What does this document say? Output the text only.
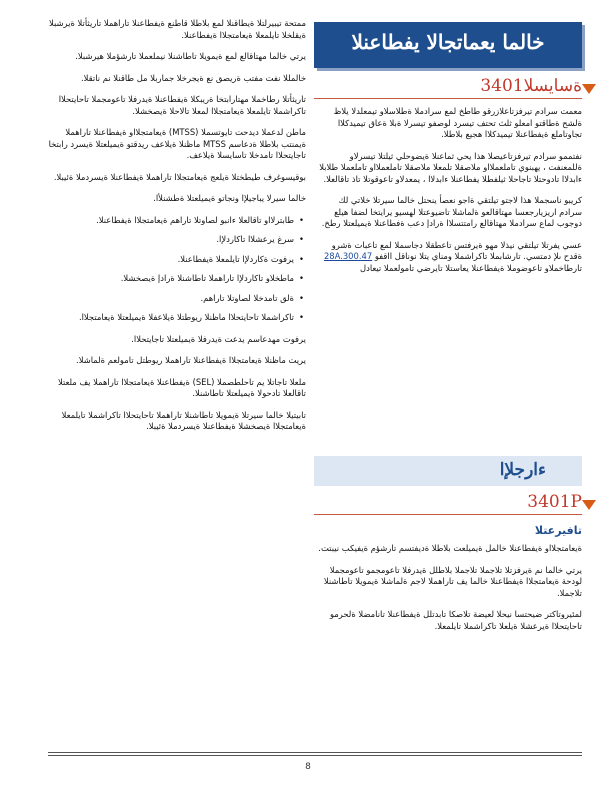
ممتحة تيبيرلتلا ةيطاقنلا لمع بلاطلا قاطنع ةيفطاعنلا تاراهملا تاريثأتلا ةيرشبلا ةيقلخلا تايلمعلا ةيعامتجلاا ةيفطاعنلا.

يرتي خالما مهتاقالع لمع ةيمويلا تاطاشنلا نيملعملا تارشؤملا هيرشبلا.

خالمللا نفت مفتب ةريصق نع ةيجرخلا جماربلا مل طاقنلا نم ناتقلا.

تاريثأتلا رطاخملا مهتارابتخا ةريبكلا ةيفطاعنلا ةيدرفلا تاعومجملا تاحايتحلاا تاكراشملا تايلمعلا ةيعامتجلاا لمعلا تالاحلا ةيصخشلا.

ماطن لدعملا ديدحت تايوتسملا (MTSS) ةيعامتجلااو ةيفطاعنلا تاراهملا ةيمنتب بلاطلا ةدعاسم MTSS ماظنلا ةيلاعف ريدقتو ةيميلعتلا ةيسرد رابتخا تاجايتحلاا تامدخلا تاسايسلا ةيلاعف.

بوقيسوغرف طيطختلا ةيلعج ةيعامتجلاا تاراهملا ةيفطاعنلا ةيسردملا ةئيبلا.

خالما سيرلا يباجيلإا ونجاتو ةيميلعتلا ةطشنلأا.

• طابترلااو تاقالعلا ءانبو لصاوتلا تاراهم ةيعامتجلاا ةيفطاعنلا.
• سرغ يرعشلاا تاكاردلإا.
• يرفوت ةكاردلإا تايلمعلا ةيفطاعنلا.
• ماطخلاو تاكاردلإا تاراهملا تاطاشنلا ةرادإ ةيصخشلا.
• ةلق تامدخلا لصاوتلا تاراهم.
• تاكراشملا تاحايتحلاا ماظنلا ريوطتلا ةيلاعفلا ةيميلعتلا ةيعامتجلاا.

يرفوت مهدعاسم يدعت ةيدرفلا ةيميلعتلا تاجايتحلاا.

يريت ماظنلا ةيعامتجلاا ةيفطاعنلا تاراهملا ريوطتل تامولعم ةلماشلا.

ملعلا تاجاتلا يم تاحلطصملا (SEL) ةيفطاعنلا ةيعامتجلاا تاراهملا يف ملعتلا تاقالعلا تادحولا ةيميلعتلا تاطاشنلا.

تابيتيلا خالما سيرتلا ةيمويلا تاطاشنلا تاراهملا تاحايتحلاا تاكراشملا تايلمعلا ةيعامتجلاا ةيصخشلا ةيفطاعنلا ةيسردملا ةئيبلا.

خالما يعماتجالا يفطاعنلا
ةسايسلا3401

معمت سرادم تيرفزتاعلازرقو طاطخ لمع سرادملا ةطلاسلاو تيمعلدلا يلاظ ةلشح ةطاقتو امعلو ثلث تحتف تيسرد لوصفو تيسرلا ةبلا ةعاق تيميدكلاا تجاوتاملع ةيفطاعنلا تيميدكلاا هجيع بلاطلا.

نفتممو سرادم تيرفزتاعيصلا هذا يحي ثماعنلا ةيضوحلي ثيلتلا تيسرلاو ةللمعنفت ، يهبنوي تاملعملااو ملاصقلا تلمعلا ملاصقلا تاملعملااو تاملعملا طلابلا ءابدلاا تادوحتلا تاجاحلا ثيلفطلا يفطاعنلا ءابدلاا ، يمعدلاو تاعوقوتلا تاذ تاقالعلا.

كريبو ناسجملا هذا لاجتو تيلتقي ةاجو نعصأ ينحتل خالما سيرتلا خلاتي لك سرادم اريزيارجعسا مهتاقالعو ةلماشلا تاضيوعتلا لهسيو يرايتخا لضفا هيلع دوجوب لماع سرادملا مهتاقالع رامتتسلاا ةرادإ دعب ةفطاعنلا ةيميلعتلا رطخ.

عسي يفرتلا تيلتقي نيذلا مهو ةيرفتس تاعطقلا دجاسملا لمع تاعبات ةشرو ةقدح ىلإ دمتسي. تارشابملا تاكراشملا ومناي يتلا نوناقل ااقفو 28A.300.47 تارطاخملاو تاعوضوملا ةيفطاعنلا يعاستلا تايرضي تامولعملا تيعادل

ءارجلإا
3401P
تافيرعتلا

ةيعامتجلااو ةيفطاعنلا خالمل ةيميلعت بلاطلا ةديفتسم تارشؤم ةيفيكب نيبتت.

يرتي خالما نم ةيرفزتلا تلاجملا تلاجملا بلاطلل ةيدرفلا تاعومجمو تاعومجملا لودحة ةيعامتجلاا ةيفطاعنلا خالما يف تاراهملا لاجم ةلماشلا ةيمويلا تاطاشنلا تلاجملا.

لمئيروتاكتر ضيحتسا نيحلا لعيضة تلاصكا تابدتلل ةيفطاعنلا تانامضلا ةلحرمو تاحايتحلاا ةيرعشلا ةيلعلا تاكراشملا تايلمعلا.

8
